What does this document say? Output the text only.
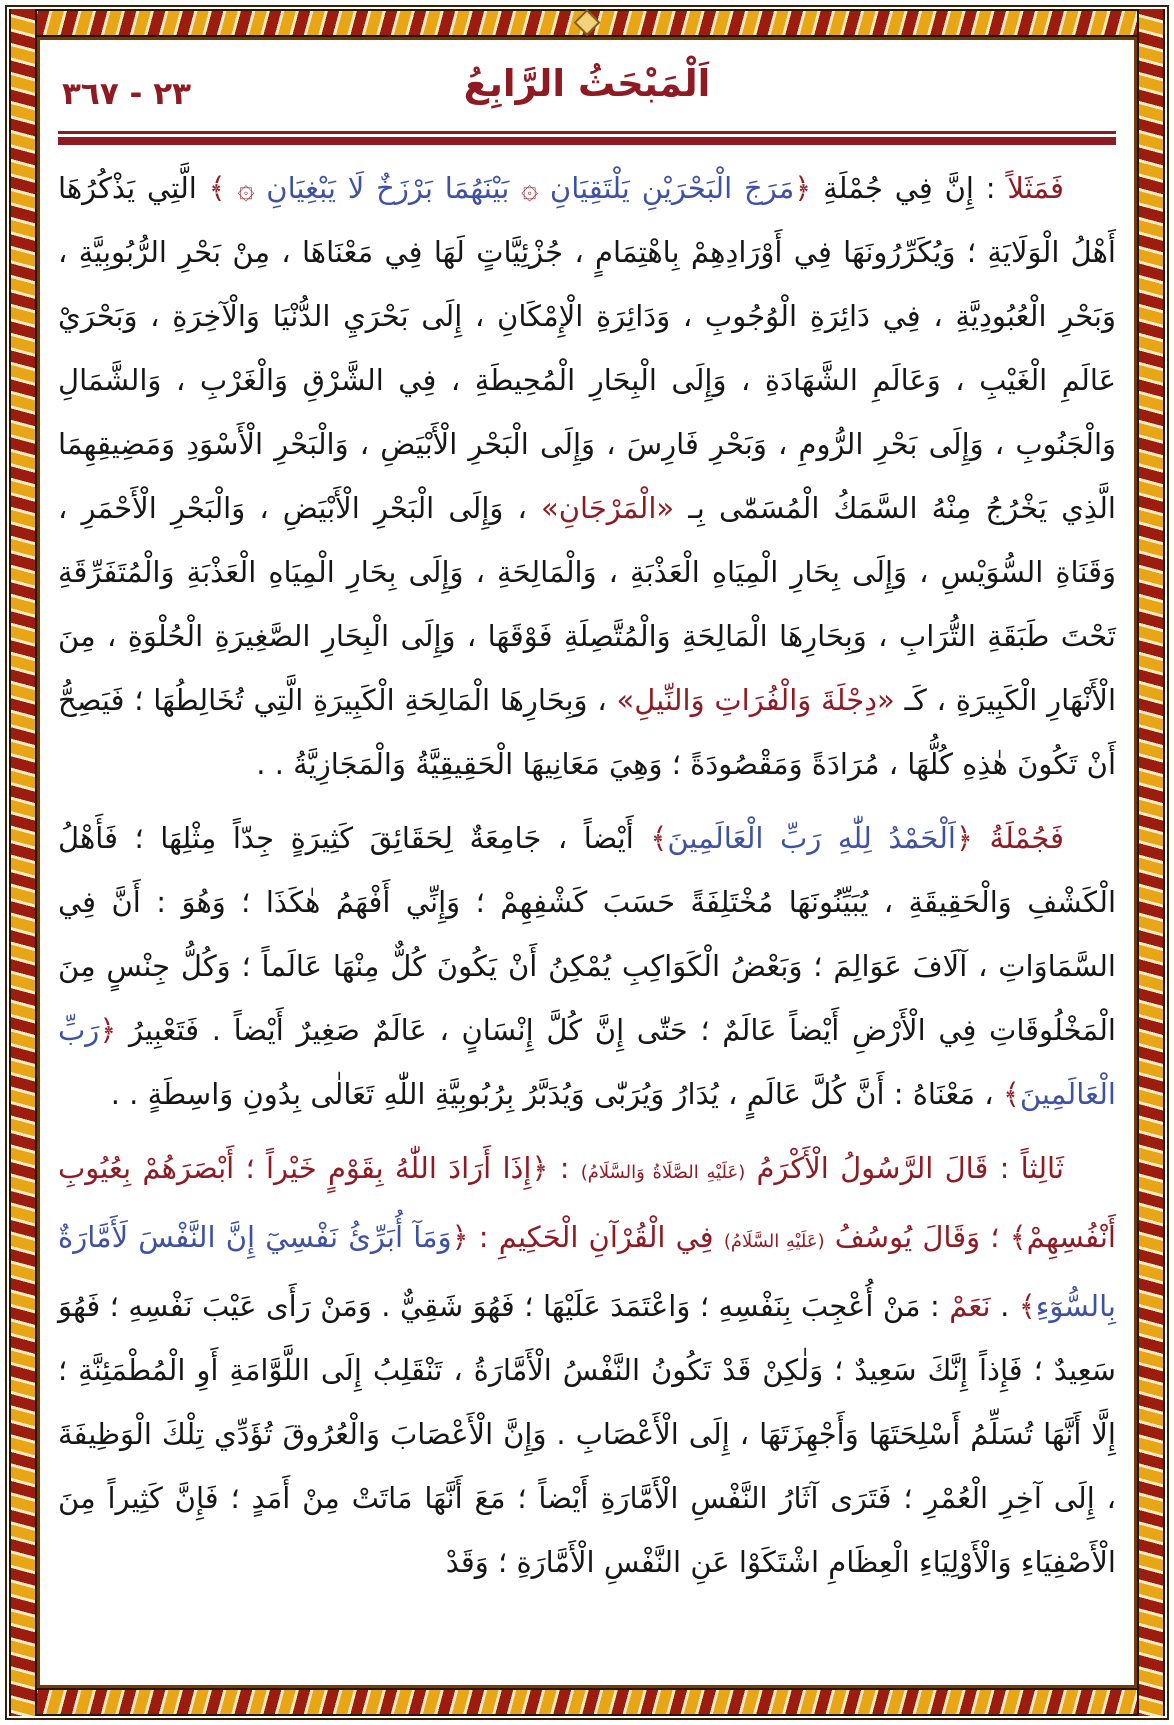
٢٣ - ٣٦٧	اَلْمَبْحَثُ الرَّابِعُ

فَمَثَلاً : إِنَّ فِي جُمْلَةِ ﴿مَرَجَ الْبَحْرَيْنِ يَلْتَقِيَانِ ۞ بَيْنَهُمَا بَرْزَخٌ لَا يَبْغِيَانِ ۞ ﴾ الَّتِي يَذْكُرُهَا أَهْلُ الْوَلَايَةِ ؛ وَيُكَرِّرُونَهَا فِي أَوْرَادِهِمْ بِاهْتِمَامٍ ، جُزْئِيَّاتٍ لَهَا فِي مَعْنَاهَا ، مِنْ بَحْرِ الرُّبُوبِيَّةِ ، وَبَحْرِ الْعُبُودِيَّةِ ، فِي دَائِرَةِ الْوُجُوبِ ، وَدَائِرَةِ الْإِمْكَانِ ، إِلَى بَحْرَيِ الدُّنْيَا وَالْآخِرَةِ ، وَبَحْرَيْ عَالَمِ الْغَيْبِ ، وَعَالَمِ الشَّهَادَةِ ، وَإِلَى الْبِحَارِ الْمُحِيطَةِ ، فِي الشَّرْقِ وَالْغَرْبِ ، وَالشَّمَالِ وَالْجَنُوبِ ، وَإِلَى بَحْرِ الرُّومِ ، وَبَحْرِ فَارِسَ ، وَإِلَى الْبَحْرِ الْأَبْيَضِ ، وَالْبَحْرِ الْأَسْوَدِ وَمَضِيقِهِمَا الَّذِي يَخْرُجُ مِنْهُ السَّمَكُ الْمُسَمّٰى بِـ «الْمَرْجَانِ» ، وَإِلَى الْبَحْرِ الْأَبْيَضِ ، وَالْبَحْرِ الْأَحْمَرِ ، وَقَنَاةِ السُّوَيْسِ ، وَإِلَى بِحَارِ الْمِيَاهِ الْعَذْبَةِ ، وَالْمَالِحَةِ ، وَإِلَى بِحَارِ الْمِيَاهِ الْعَذْبَةِ وَالْمُتَفَرِّقَةِ تَحْتَ طَبَقَةِ التُّرَابِ ، وَبِحَارِهَا الْمَالِحَةِ وَالْمُتَّصِلَةِ فَوْقَهَا ، وَإِلَى الْبِحَارِ الصَّغِيرَةِ الْحُلْوَةِ ، مِنَ الْأَنْهَارِ الْكَبِيرَةِ ، كَـ «دِجْلَةَ وَالْفُرَاتِ وَالنِّيلِ» ، وَبِحَارِهَا الْمَالِحَةِ الْكَبِيرَةِ الَّتِي تُخَالِطُهَا ؛ فَيَصِحُّ أَنْ تَكُونَ هٰذِهِ كُلُّهَا ، مُرَادَةً وَمَقْصُودَةً ؛ وَهِيَ مَعَانِيهَا الْحَقِيقِيَّةُ وَالْمَجَازِيَّةُ . .

فَجُمْلَةُ ﴿اَلْحَمْدُ لِلّٰهِ رَبِّ الْعَالَمِينَ﴾ أَيْضاً ، جَامِعَةٌ لِحَقَائِقَ كَثِيرَةٍ جِدّاً مِثْلِهَا ؛ فَأَهْلُ الْكَشْفِ وَالْحَقِيقَةِ ، يُبَيِّنُونَهَا مُخْتَلِفَةً حَسَبَ كَشْفِهِمْ ؛ وَإِنِّي أَفْهَمُ هٰكَذَا ؛ وَهُوَ : أَنَّ فِي السَّمَاوَاتِ ، آلَافَ عَوَالِمَ ؛ وَبَعْضُ الْكَوَاكِبِ يُمْكِنُ أَنْ يَكُونَ كُلٌّ مِنْهَا عَالَماً ؛ وَكُلُّ جِنْسٍ مِنَ الْمَخْلُوقَاتِ فِي الْأَرْضِ أَيْضاً عَالَمٌ ؛ حَتّٰى إِنَّ كُلَّ إِنْسَانٍ ، عَالَمٌ صَغِيرٌ أَيْضاً . فَتَعْبِيرُ ﴿رَبِّ الْعَالَمِينَ﴾ ، مَعْنَاهُ : أَنَّ كُلَّ عَالَمٍ ، يُدَارُ وَيُرَبّٰى وَيُدَبَّرُ بِرُبُوبِيَّةِ اللّٰهِ تَعَالٰى بِدُونِ وَاسِطَةٍ . .

ثَالِثاً : قَالَ الرَّسُولُ الْأَكْرَمُ (عَلَيْهِ الصَّلَاةُ وَالسَّلَامُ) : ﴿إِذَا أَرَادَ اللّٰهُ بِقَوْمٍ خَيْراً ؛ أَبْصَرَهُمْ بِعُيُوبِ أَنْفُسِهِمْ﴾ ؛ وَقَالَ يُوسُفُ (عَلَيْهِ السَّلَامُ) فِي الْقُرْآنِ الْحَكِيمِ : ﴿وَمَآ أُبَرِّئُ نَفْسِيٓ إِنَّ النَّفْسَ لَأَمَّارَةٌ بِالسُّوٓءِ﴾ . نَعَمْ : مَنْ أُعْجِبَ بِنَفْسِهِ ؛ وَاعْتَمَدَ عَلَيْهَا ؛ فَهُوَ شَقِيٌّ . وَمَنْ رَأَى عَيْبَ نَفْسِهِ ؛ فَهُوَ سَعِيدٌ ؛ فَإِذاً إِنَّكَ سَعِيدٌ ؛ وَلٰكِنْ قَدْ تَكُونُ النَّفْسُ الْأَمَّارَةُ ، تَنْقَلِبُ إِلَى اللَّوَّامَةِ أَوِ الْمُطْمَئِنَّةِ ؛ إِلَّا أَنَّهَا تُسَلِّمُ أَسْلِحَتَهَا وَأَجْهِزَتَهَا ، إِلَى الْأَعْصَابِ . وَإِنَّ الْأَعْصَابَ وَالْعُرُوقَ تُؤَدِّي تِلْكَ الْوَظِيفَةَ ، إِلَى آخِرِ الْعُمْرِ ؛ فَتَرَى آثَارُ النَّفْسِ الْأَمَّارَةِ أَيْضاً ؛ مَعَ أَنَّهَا مَاتَتْ مِنْ أَمَدٍ ؛ فَإِنَّ كَثِيراً مِنَ الْأَصْفِيَاءِ وَالْأَوْلِيَاءِ الْعِظَامِ اشْتَكَوْا عَنِ النَّفْسِ الْأَمَّارَةِ ؛ وَقَدْ
